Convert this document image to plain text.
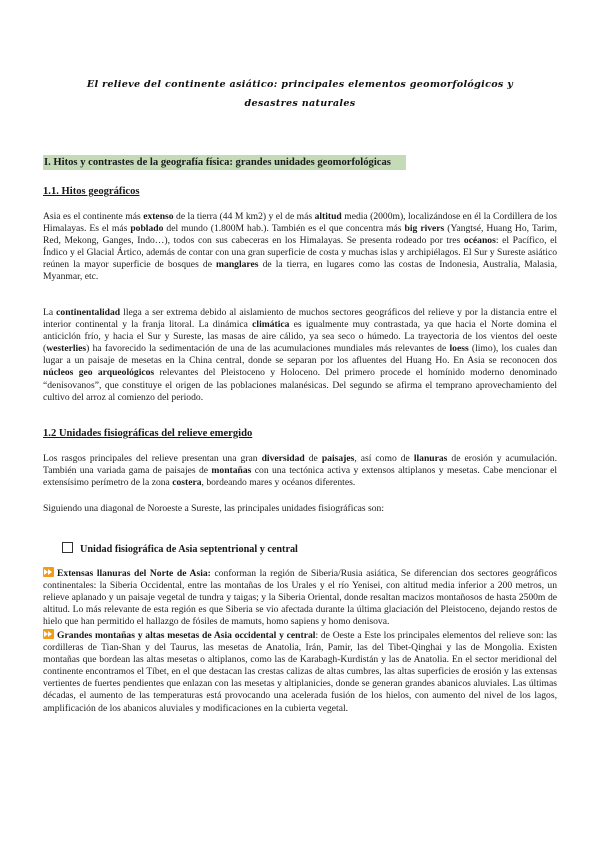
El relieve del continente asiático: principales elementos geomorfológicos y
desastres naturales
I. Hitos y contrastes de la geografía física: grandes unidades geomorfológicas
1.1. Hitos geográficos
Asia es el continente más extenso de la tierra (44 M km2) y el de más altitud media (2000m), localizándose en él la Cordillera de los Himalayas. Es el más poblado del mundo (1.800M hab.). También es el que concentra más big rivers (Yangtsé, Huang Ho, Tarim, Red, Mekong, Ganges, Indo…), todos con sus cabeceras en los Himalayas. Se presenta rodeado por tres océanos: el Pacífico, el Índico y el Glacial Ártico, además de contar con una gran superficie de costa y muchas islas y archipiélagos. El Sur y Sureste asiático reúnen la mayor superficie de bosques de manglares de la tierra, en lugares como las costas de Indonesia, Australia, Malasia, Myanmar, etc.
La continentalidad llega a ser extrema debido al aislamiento de muchos sectores geográficos del relieve y por la distancia entre el interior continental y la franja litoral. La dinámica climática es igualmente muy contrastada, ya que hacia el Norte domina el anticiclón frío, y hacia el Sur y Sureste, las masas de aire cálido, ya sea seco o húmedo. La trayectoria de los vientos del oeste (westerlies) ha favorecido la sedimentación de una de las acumulaciones mundiales más relevantes de loess (limo), los cuales dan lugar a un paisaje de mesetas en la China central, donde se separan por los afluentes del Huang Ho. En Asia se reconocen dos núcleos geo arqueológicos relevantes del Pleistoceno y Holoceno. Del primero procede el homínido moderno denominado “denisovanos”, que constituye el origen de las poblaciones malanésicas. Del segundo se afirma el temprano aprovechamiento del cultivo del arroz al comienzo del periodo.
1.2 Unidades fisiográficas del relieve emergido
Los rasgos principales del relieve presentan una gran diversidad de paisajes, así como de llanuras de erosión y acumulación. También una variada gama de paisajes de montañas con una tectónica activa y extensos altiplanos y mesetas. Cabe mencionar el extensísimo perímetro de la zona costera, bordeando mares y océanos diferentes.
Siguiendo una diagonal de Noroeste a Sureste, las principales unidades fisiográficas son:
Unidad fisiográfica de Asia septentrional y central
Extensas llanuras del Norte de Asia: conforman la región de Siberia/Rusia asiática, Se diferencian dos sectores geográficos continentales: la Siberia Occidental, entre las montañas de los Urales y el río Yenisei, con altitud media inferior a 200 metros, un relieve aplanado y un paisaje vegetal de tundra y taigas; y la Siberia Oriental, donde resaltan macizos montañosos de hasta 2500m de altitud. Lo más relevante de esta región es que Siberia se vio afectada durante la última glaciación del Pleistoceno, dejando restos de hielo que han permitido el hallazgo de fósiles de mamuts, homo sapiens y homo denisova.
Grandes montañas y altas mesetas de Asia occidental y central: de Oeste a Este los principales elementos del relieve son: las cordilleras de Tian-Shan y del Taurus, las mesetas de Anatolia, Irán, Pamir, las del Tibet-Qinghai y las de Mongolia. Existen montañas que bordean las altas mesetas o altiplanos, como las de Karabagh-Kurdistán y las de Anatolia. En el sector meridional del continente encontramos el Tíbet, en el que destacan las crestas calizas de altas cumbres, las altas superficies de erosión y las extensas vertientes de fuertes pendientes que enlazan con las mesetas y altiplanicies, donde se generan grandes abanicos aluviales. Las últimas décadas, el aumento de las temperaturas está provocando una acelerada fusión de los hielos, con aumento del nivel de los lagos, amplificación de los abanicos aluviales y modificaciones en la cubierta vegetal.
